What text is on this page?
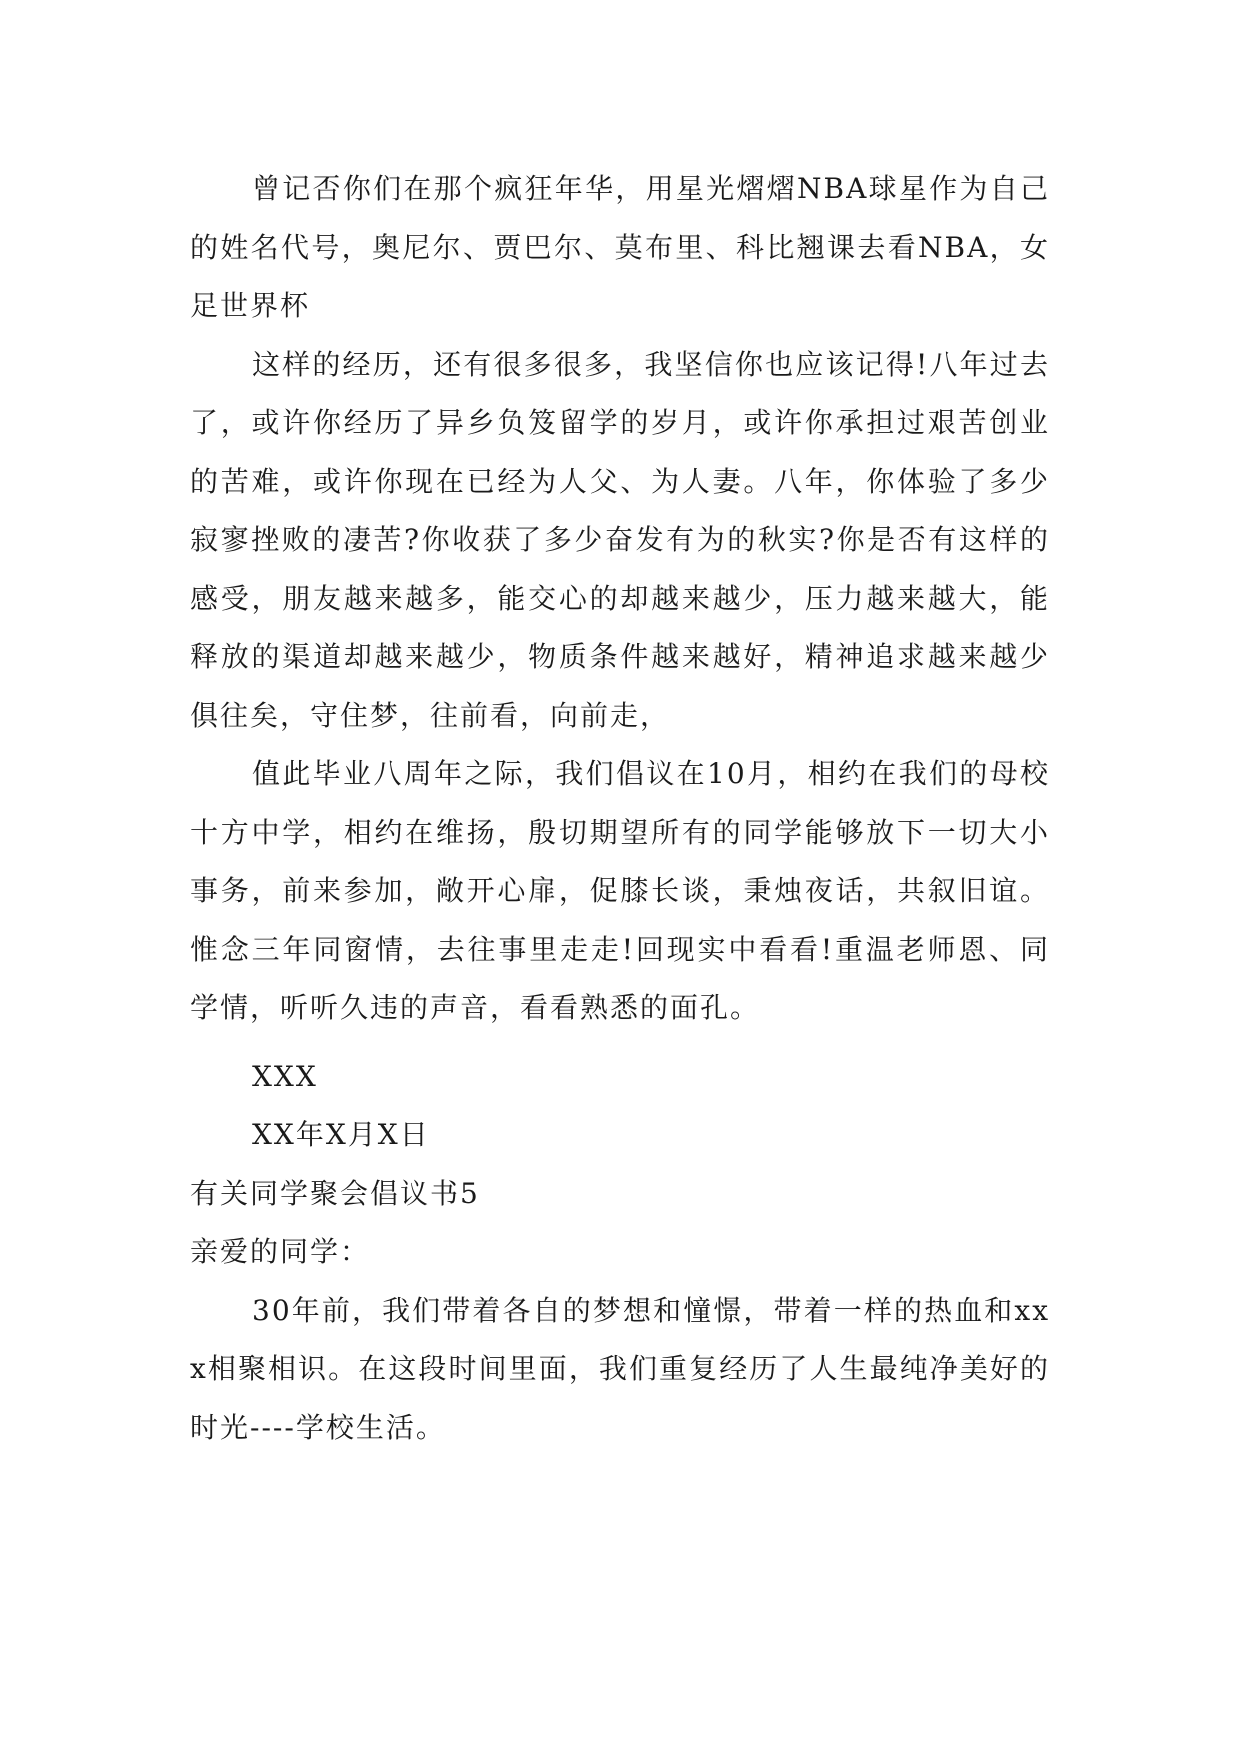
曾记否你们在那个疯狂年华，用星光熠熠NBA球星作为自己的姓名代号，奥尼尔、贾巴尔、莫布里、科比翘课去看NBA，女足世界杯

这样的经历，还有很多很多，我坚信你也应该记得!八年过去了，或许你经历了异乡负笈留学的岁月，或许你承担过艰苦创业的苦难，或许你现在已经为人父、为人妻。八年，你体验了多少寂寥挫败的凄苦?你收获了多少奋发有为的秋实?你是否有这样的感受，朋友越来越多，能交心的却越来越少，压力越来越大，能释放的渠道却越来越少，物质条件越来越好，精神追求越来越少俱往矣，守住梦，往前看，向前走，

值此毕业八周年之际，我们倡议在10月，相约在我们的母校十方中学，相约在维扬，殷切期望所有的同学能够放下一切大小事务，前来参加，敞开心扉，促膝长谈，秉烛夜话，共叙旧谊。惟念三年同窗情，去往事里走走!回现实中看看!重温老师恩、同学情，听听久违的声音，看看熟悉的面孔。

XXX

XX年X月X日

有关同学聚会倡议书5

亲爱的同学：

30年前，我们带着各自的梦想和憧憬，带着一样的热血和xxx相聚相识。在这段时间里面，我们重复经历了人生最纯净美好的时光----学校生活。
